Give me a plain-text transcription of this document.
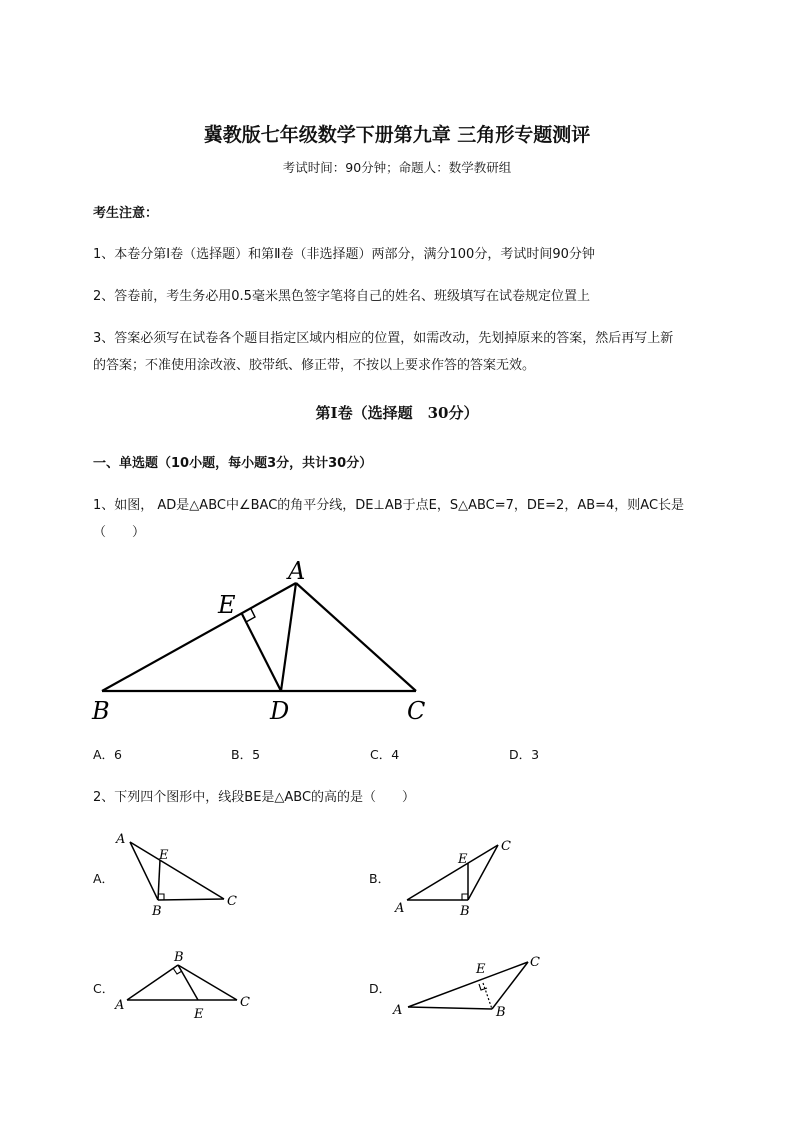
冀教版七年级数学下册第九章 三角形专题测评
考试时间：90分钟；命题人：数学教研组
考生注意：
1、本卷分第I卷（选择题）和第Ⅱ卷（非选择题）两部分，满分100分，考试时间90分钟
2、答卷前，考生务必用0.5毫米黑色签字笔将自己的姓名、班级填写在试卷规定位置上
3、答案必须写在试卷各个题目指定区域内相应的位置，如需改动，先划掉原来的答案，然后再写上新
的答案；不准使用涂改液、胶带纸、修正带，不按以上要求作答的答案无效。
第I卷（选择题　30分）
一、单选题（10小题，每小题3分，共计30分）
1、如图， AD是△ABC中∠BAC的角平分线，DE⊥AB于点E，S△ABC=7，DE=2，AB=4，则AC长是
（　　）
A
E
B	D	C
A．6	B．5	C．4	D．3
2、下列四个图形中，线段BE是△ABC的高的是（　　）
A．
A
E
B
C
B．
A
E
B
C
C．
A
B
C
E
D．
A
E
B
C
